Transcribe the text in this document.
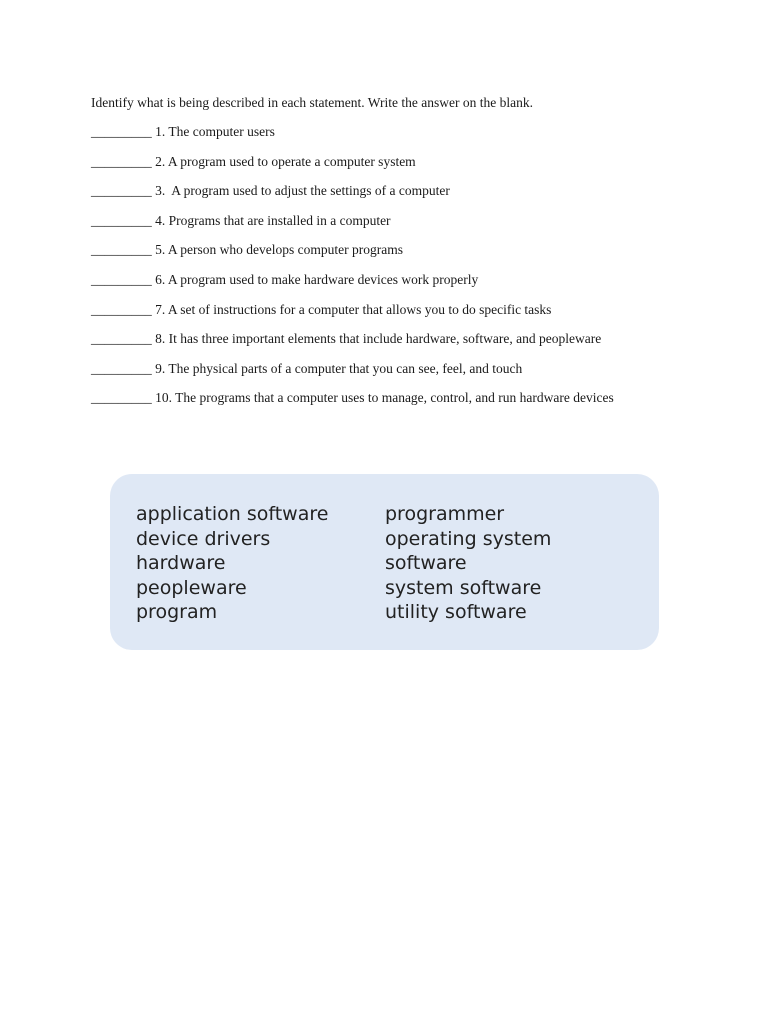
Identify what is being described in each statement. Write the answer on the blank.
_________ 1. The computer users
_________ 2. A program used to operate a computer system
_________ 3.  A program used to adjust the settings of a computer
_________ 4. Programs that are installed in a computer
_________ 5. A person who develops computer programs
_________ 6. A program used to make hardware devices work properly
_________ 7. A set of instructions for a computer that allows you to do specific tasks
_________ 8. It has three important elements that include hardware, software, and peopleware
_________ 9. The physical parts of a computer that you can see, feel, and touch
_________ 10. The programs that a computer uses to manage, control, and run hardware devices
application software
device drivers
hardware
peopleware
program
programmer
operating system
software
system software
utility software
